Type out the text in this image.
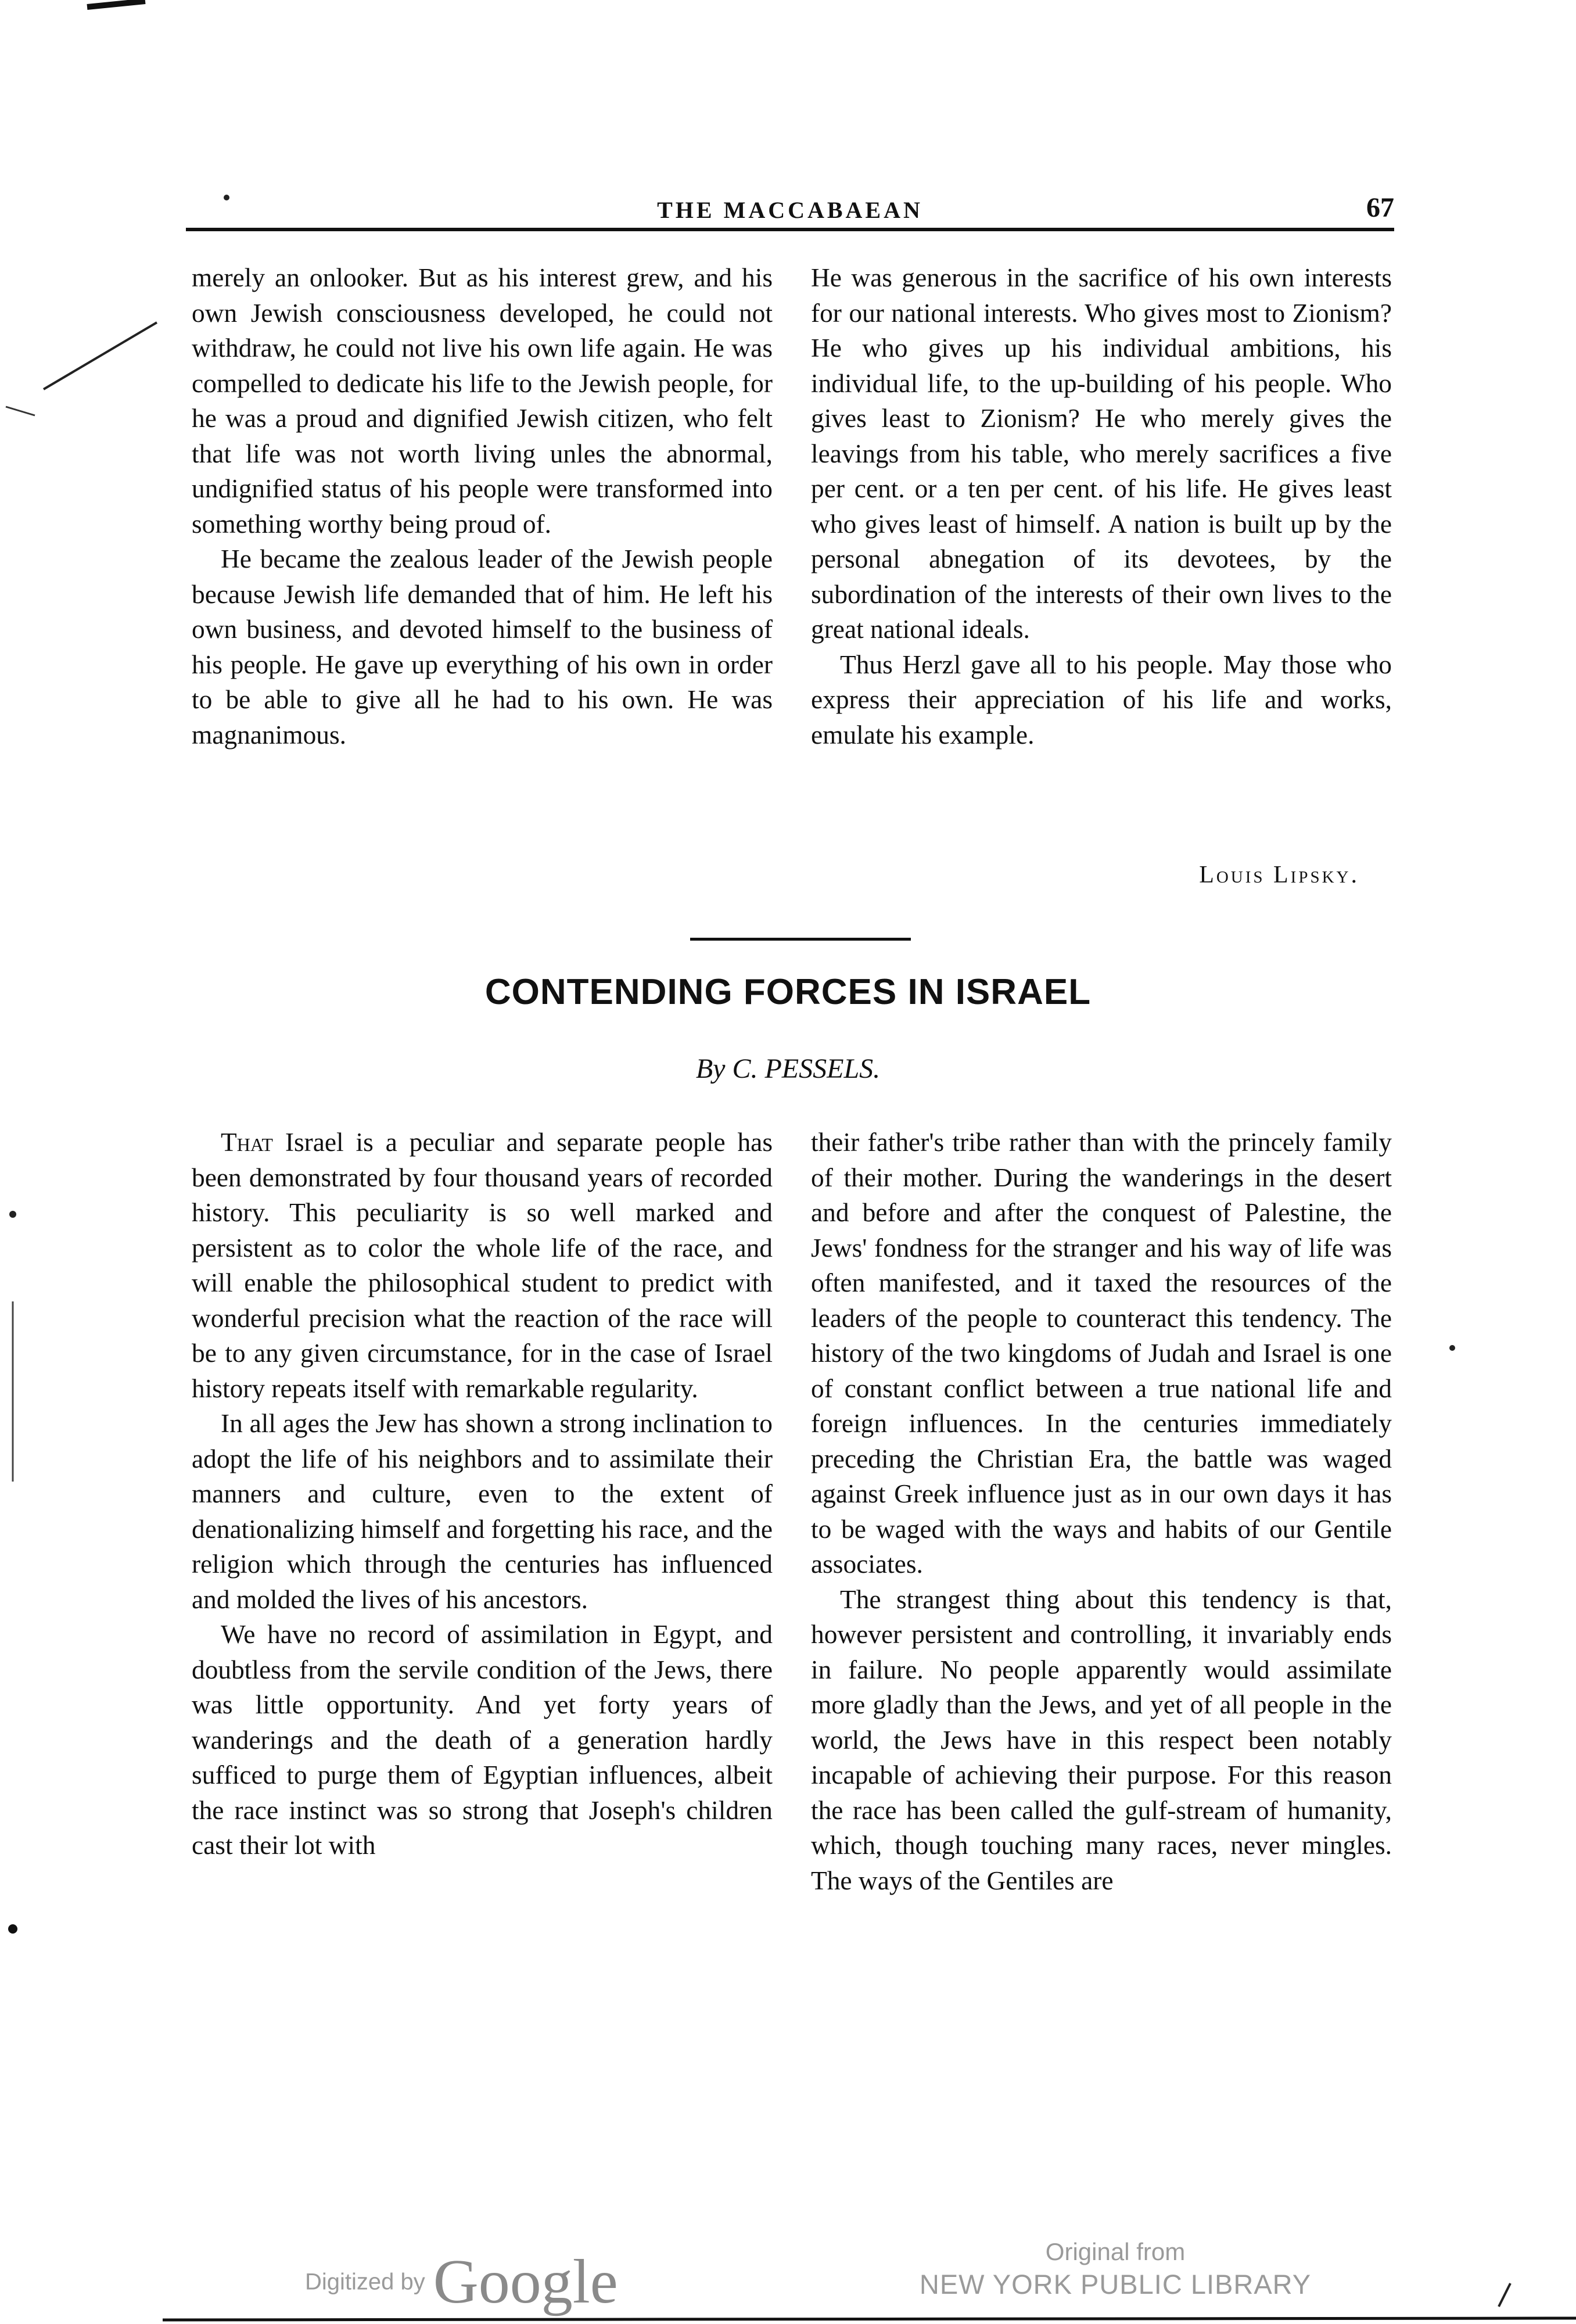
THE MACCABAEAN	67

merely an onlooker. But as his interest grew, and his own Jewish consciousness developed, he could not withdraw, he could not live his own life again. He was compelled to dedicate his life to the Jewish people, for he was a proud and dignified Jewish citizen, who felt that life was not worth living unles the abnormal, undignified status of his people were transformed into something worthy being proud of.

He became the zealous leader of the Jewish people because Jewish life demanded that of him. He left his own business, and devoted himself to the business of his people. He gave up everything of his own in order to be able to give all he had to his own. He was magnanimous.

He was generous in the sacrifice of his own interests for our national interests. Who gives most to Zionism? He who gives up his individual ambitions, his individual life, to the up-building of his people. Who gives least to Zionism? He who merely gives the leavings from his table, who merely sacrifices a five per cent. or a ten per cent. of his life. He gives least who gives least of himself. A nation is built up by the personal abnegation of its devotees, by the subordination of the interests of their own lives to the great national ideals.

Thus Herzl gave all to his people. May those who express their appreciation of his life and works, emulate his example.

Louis Lipsky.
CONTENDING FORCES IN ISRAEL
By C. PESSELS.

That Israel is a peculiar and separate people has been demonstrated by four thousand years of recorded history. This peculiarity is so well marked and persistent as to color the whole life of the race, and will enable the philosophical student to predict with wonderful precision what the reaction of the race will be to any given circumstance, for in the case of Israel history repeats itself with remarkable regularity.

In all ages the Jew has shown a strong inclination to adopt the life of his neighbors and to assimilate their manners and culture, even to the extent of denationalizing himself and forgetting his race, and the religion which through the centuries has influenced and molded the lives of his ancestors.

We have no record of assimilation in Egypt, and doubtless from the servile condition of the Jews, there was little opportunity. And yet forty years of wanderings and the death of a generation hardly sufficed to purge them of Egyptian influences, albeit the race instinct was so strong that Joseph's children cast their lot with

their father's tribe rather than with the princely family of their mother. During the wanderings in the desert and before and after the conquest of Palestine, the Jews' fondness for the stranger and his way of life was often manifested, and it taxed the resources of the leaders of the people to counteract this tendency. The history of the two kingdoms of Judah and Israel is one of constant conflict between a true national life and foreign influences. In the centuries immediately preceding the Christian Era, the battle was waged against Greek influence just as in our own days it has to be waged with the ways and habits of our Gentile associates.

The strangest thing about this tendency is that, however persistent and controlling, it invariably ends in failure. No people apparently would assimilate more gladly than the Jews, and yet of all people in the world, the Jews have in this respect been notably incapable of achieving their purpose. For this reason the race has been called the gulf-stream of humanity, which, though touching many races, never mingles. The ways of the Gentiles are

Digitized by Google	Original from
NEW YORK PUBLIC LIBRARY
